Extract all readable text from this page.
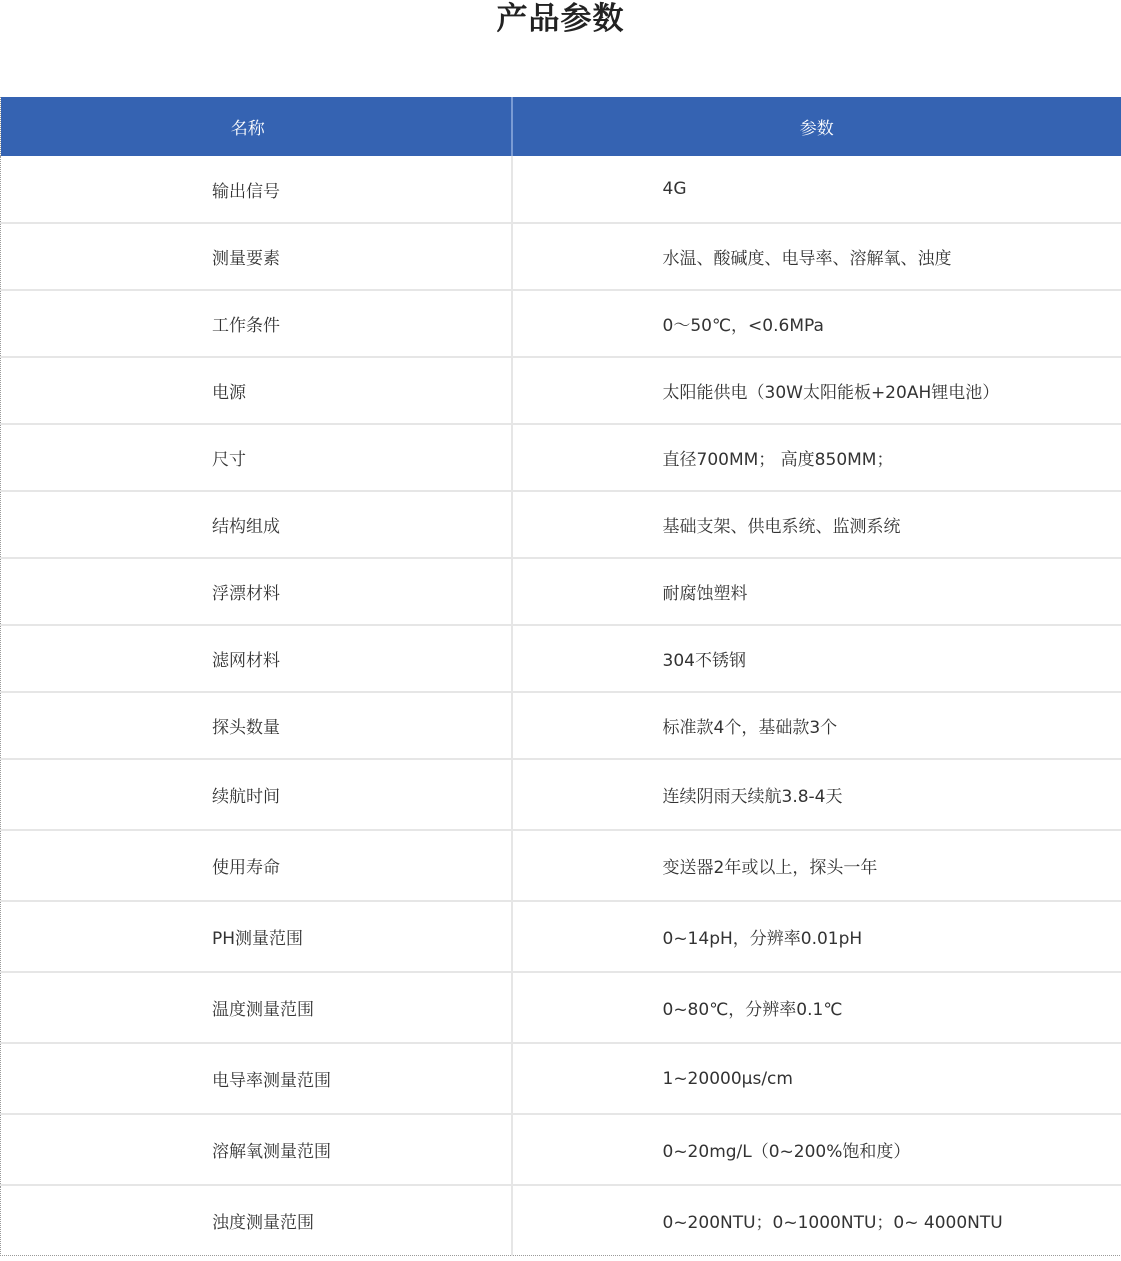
产品参数
名称	参数
输出信号	4G
测量要素	水温、酸碱度、电导率、溶解氧、浊度
工作条件	0～50℃，<0.6MPa
电源	太阳能供电（30W太阳能板+20AH锂电池）
尺寸	直径700MM； 高度850MM；
结构组成	基础支架、供电系统、监测系统
浮漂材料	耐腐蚀塑料
滤网材料	304不锈钢
探头数量	标准款4个，基础款3个
续航时间	连续阴雨天续航3.8-4天
使用寿命	变送器2年或以上，探头一年
PH测量范围	0~14pH，分辨率0.01pH
温度测量范围	0~80℃，分辨率0.1℃
电导率测量范围	1~20000μs/cm
溶解氧测量范围	0~20mg/L（0~200%饱和度）
浊度测量范围	0~200NTU；0~1000NTU；0~ 4000NTU
